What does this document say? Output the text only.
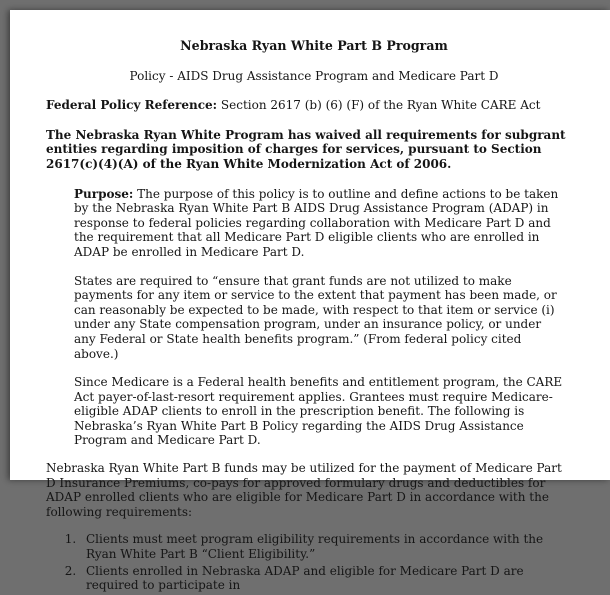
Nebraska Ryan White Part B Program
Policy - AIDS Drug Assistance Program and Medicare Part D
Federal Policy Reference: Section 2617 (b) (6) (F) of the Ryan White CARE Act
The Nebraska Ryan White Program has waived all requirements for subgrant entities regarding imposition of charges for services, pursuant to Section 2617(c)(4)(A) of the Ryan White Modernization Act of 2006.
Purpose: The purpose of this policy is to outline and define actions to be taken by the Nebraska Ryan White Part B AIDS Drug Assistance Program (ADAP) in response to federal policies regarding collaboration with Medicare Part D and the requirement that all Medicare Part D eligible clients who are enrolled in ADAP be enrolled in Medicare Part D.
States are required to “ensure that grant funds are not utilized to make payments for any item or service to the extent that payment has been made, or can reasonably be expected to be made, with respect to that item or service (i) under any State compensation program, under an insurance policy, or under any Federal or State health benefits program.” (From federal policy cited above.)
Since Medicare is a Federal health benefits and entitlement program, the CARE Act payer-of-last-resort requirement applies. Grantees must require Medicare-eligible ADAP clients to enroll in the prescription benefit. The following is Nebraska’s Ryan White Part B Policy regarding the AIDS Drug Assistance Program and Medicare Part D.
Nebraska Ryan White Part B funds may be utilized for the payment of Medicare Part D Insurance Premiums, co-pays for approved formulary drugs and deductibles for ADAP enrolled clients who are eligible for Medicare Part D in accordance with the following requirements:
1. Clients must meet program eligibility requirements in accordance with the Ryan White Part B “Client Eligibility.”
2. Clients enrolled in Nebraska ADAP and eligible for Medicare Part D are required to participate in
